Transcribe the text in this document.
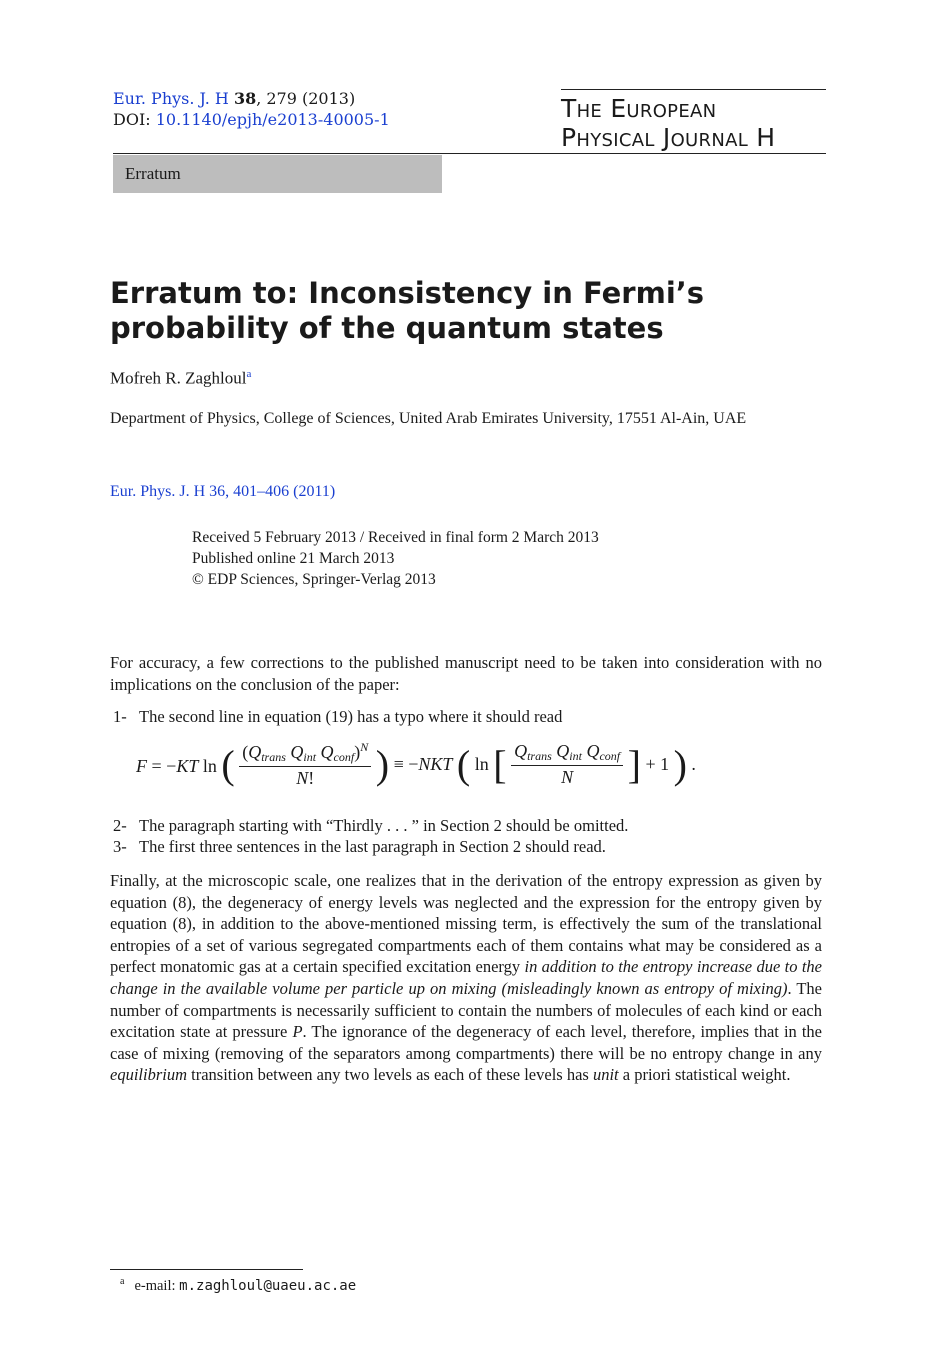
Eur. Phys. J. H 38, 279 (2013)
DOI: 10.1140/epjh/e2013-40005-1	The European
Physical Journal H
Erratum
Erratum to: Inconsistency in Fermi’s probability of the quantum states
Mofreh R. Zaghloul$^a$
Department of Physics, College of Sciences, United Arab Emirates University, 17551 Al-Ain, UAE
Eur. Phys. J. H 36, 401–406 (2011)
Received 5 February 2013 / Received in final form 2 March 2013
Published online 21 March 2013
© EDP Sciences, Springer-Verlag 2013
For accuracy, a few corrections to the published manuscript need to be taken into consideration with no implications on the conclusion of the paper:
1- The second line in equation (19) has a typo where it should read
F = −KT ln ( $\frac{(Q_{trans} Q_{int} Q_{conf})^N}{N!}$ ) ≡ −NKT ( ln [ $\frac{Q_{trans} Q_{int} Q_{conf}}{N}$ ] + 1 ) .
2- The paragraph starting with “Thirdly . . . ” in Section 2 should be omitted.
3- The first three sentences in the last paragraph in Section 2 should read.
Finally, at the microscopic scale, one realizes that in the derivation of the entropy expression as given by equation (8), the degeneracy of energy levels was neglected and the expression for the entropy given by equation (8), in addition to the above-mentioned missing term, is effectively the sum of the translational entropies of a set of various segregated compartments each of them contains what may be considered as a perfect monatomic gas at a certain specified excitation energy in addition to the entropy increase due to the change in the available volume per particle up on mixing (misleadingly known as entropy of mixing). The number of compartments is necessarily sufficient to contain the numbers of molecules of each kind or each excitation state at pressure P. The ignorance of the degeneracy of each level, therefore, implies that in the case of mixing (removing of the separators among compartments) there will be no entropy change in any equilibrium transition between any two levels as each of these levels has unit a priori statistical weight.
$^a$ e-mail: m.zaghloul@uaeu.ac.ae
